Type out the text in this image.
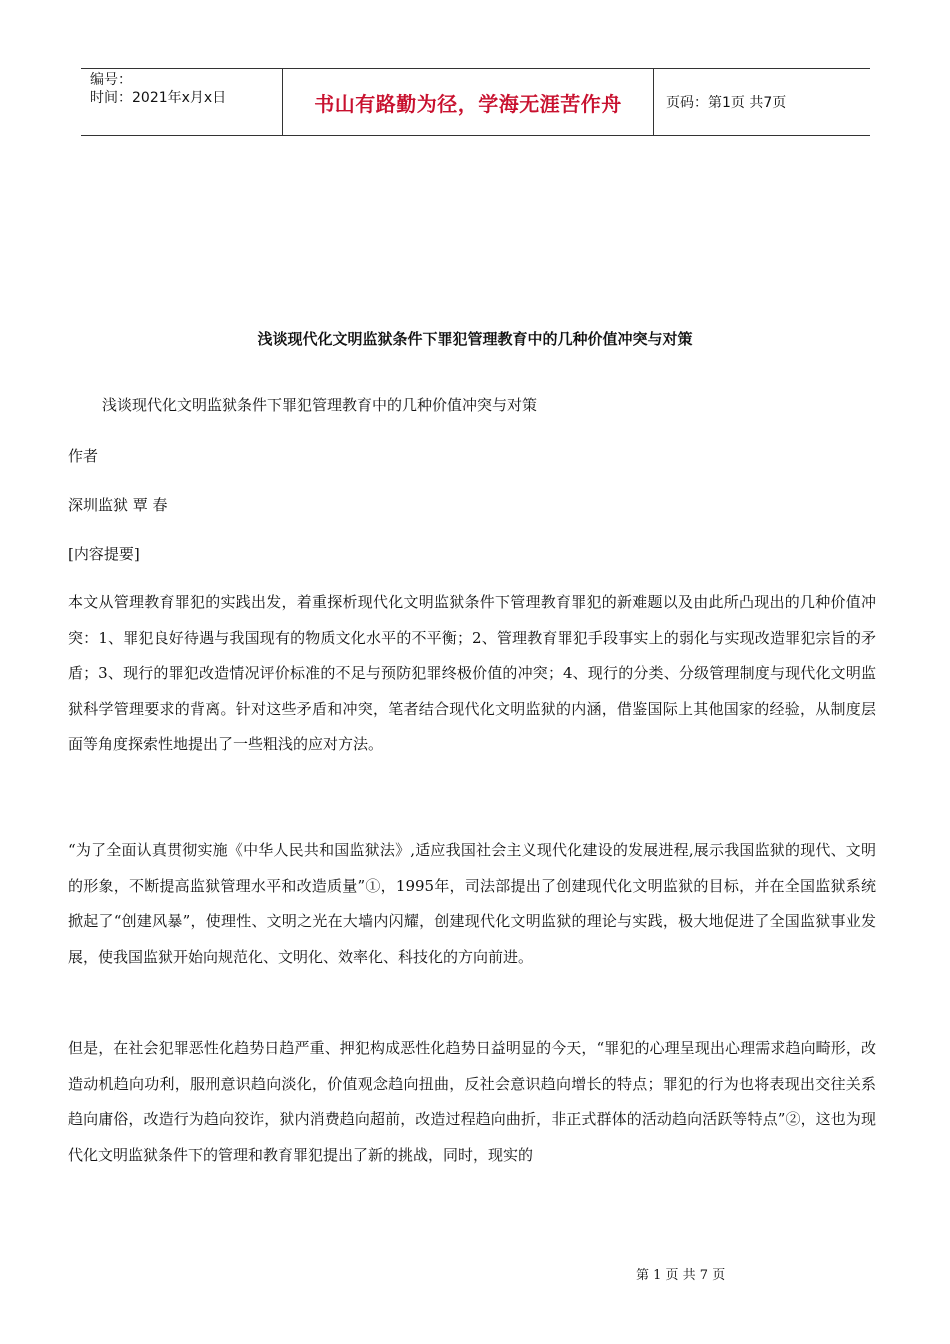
编号：
时间：2021年x月x日	书山有路勤为径，学海无涯苦作舟	页码：第1页 共7页
浅谈现代化文明监狱条件下罪犯管理教育中的几种价值冲突与对策
浅谈现代化文明监狱条件下罪犯管理教育中的几种价值冲突与对策
作者
深圳监狱 覃 春
[内容提要]

本文从管理教育罪犯的实践出发，着重探析现代化文明监狱条件下管理教育罪犯的新难题以及由此所凸现出的几种价值冲突：1、罪犯良好待遇与我国现有的物质文化水平的不平衡；2、管理教育罪犯手段事实上的弱化与实现改造罪犯宗旨的矛盾；3、现行的罪犯改造情况评价标准的不足与预防犯罪终极价值的冲突；4、现行的分类、分级管理制度与现代化文明监狱科学管理要求的背离。针对这些矛盾和冲突，笔者结合现代化文明监狱的内涵，借鉴国际上其他国家的经验，从制度层面等角度探索性地提出了一些粗浅的应对方法。

“为了全面认真贯彻实施《中华人民共和国监狱法》,适应我国社会主义现代化建设的发展进程,展示我国监狱的现代、文明的形象，不断提高监狱管理水平和改造质量”①，1995年，司法部提出了创建现代化文明监狱的目标，并在全国监狱系统掀起了“创建风暴”，使理性、文明之光在大墙内闪耀，创建现代化文明监狱的理论与实践，极大地促进了全国监狱事业发展，使我国监狱开始向规范化、文明化、效率化、科技化的方向前进。

但是，在社会犯罪恶性化趋势日趋严重、押犯构成恶性化趋势日益明显的今天，“罪犯的心理呈现出心理需求趋向畸形，改造动机趋向功利，服刑意识趋向淡化，价值观念趋向扭曲，反社会意识趋向增长的特点；罪犯的行为也将表现出交往关系趋向庸俗，改造行为趋向狡诈，狱内消费趋向超前，改造过程趋向曲折，非正式群体的活动趋向活跃等特点”②，这也为现代化文明监狱条件下的管理和教育罪犯提出了新的挑战，同时，现实的

第 1 页 共 7 页
